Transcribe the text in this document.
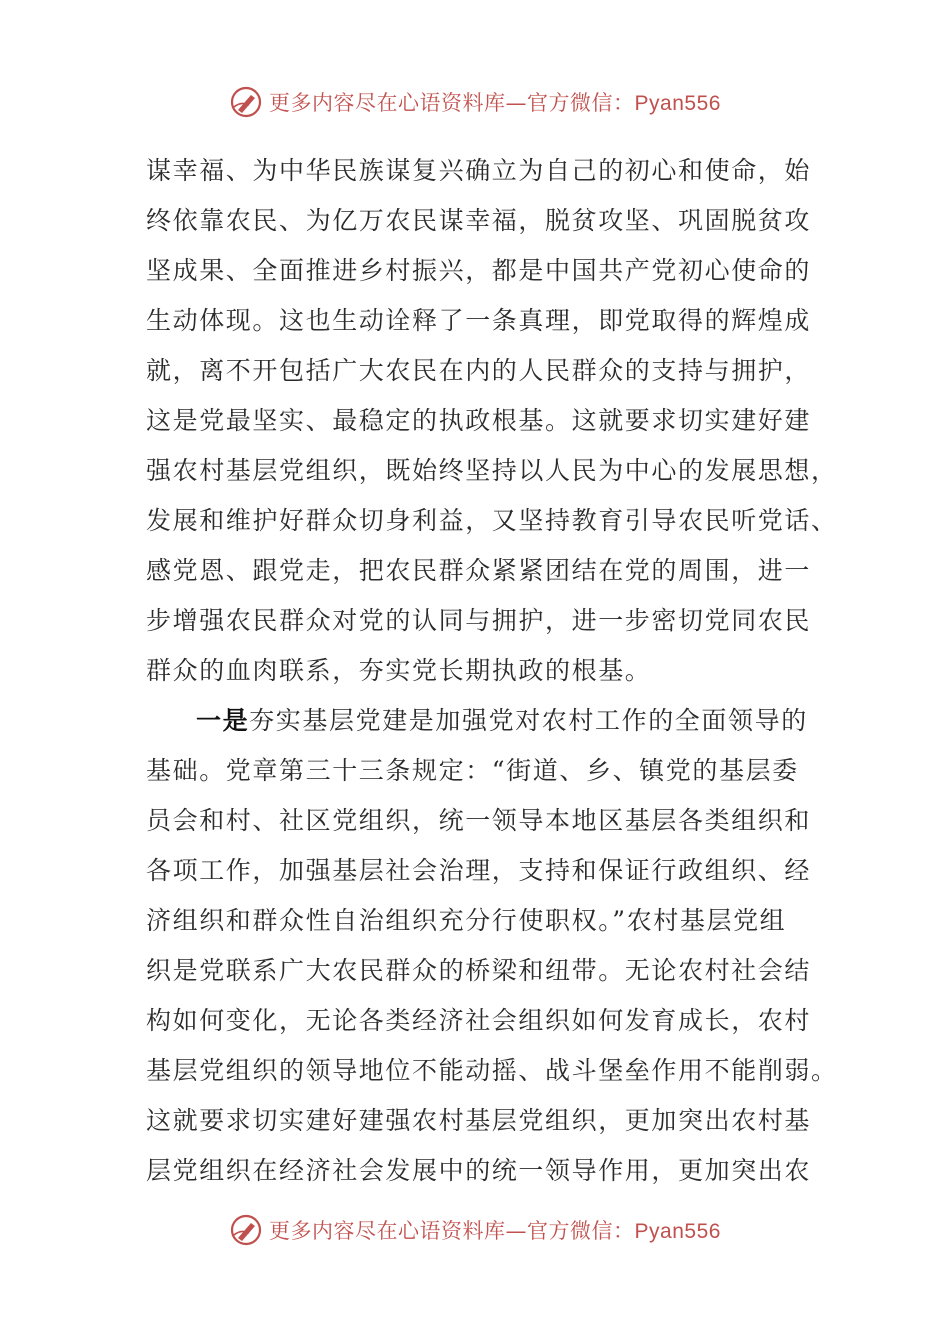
更多内容尽在心语资料库—官方微信：Pyan556
谋幸福、为中华民族谋复兴确立为自己的初心和使命，始
终依靠农民、为亿万农民谋幸福，脱贫攻坚、巩固脱贫攻
坚成果、全面推进乡村振兴，都是中国共产党初心使命的
生动体现。这也生动诠释了一条真理，即党取得的辉煌成
就，离不开包括广大农民在内的人民群众的支持与拥护，
这是党最坚实、最稳定的执政根基。这就要求切实建好建
强农村基层党组织，既始终坚持以人民为中心的发展思想，
发展和维护好群众切身利益，又坚持教育引导农民听党话、
感党恩、跟党走，把农民群众紧紧团结在党的周围，进一
步增强农民群众对党的认同与拥护，进一步密切党同农民
群众的血肉联系，夯实党长期执政的根基。
一是夯实基层党建是加强党对农村工作的全面领导的
基础。党章第三十三条规定：“街道、乡、镇党的基层委
员会和村、社区党组织，统一领导本地区基层各类组织和
各项工作，加强基层社会治理，支持和保证行政组织、经
济组织和群众性自治组织充分行使职权。”农村基层党组
织是党联系广大农民群众的桥梁和纽带。无论农村社会结
构如何变化，无论各类经济社会组织如何发育成长，农村
基层党组织的领导地位不能动摇、战斗堡垒作用不能削弱。
这就要求切实建好建强农村基层党组织，更加突出农村基
层党组织在经济社会发展中的统一领导作用，更加突出农
更多内容尽在心语资料库—官方微信：Pyan556
